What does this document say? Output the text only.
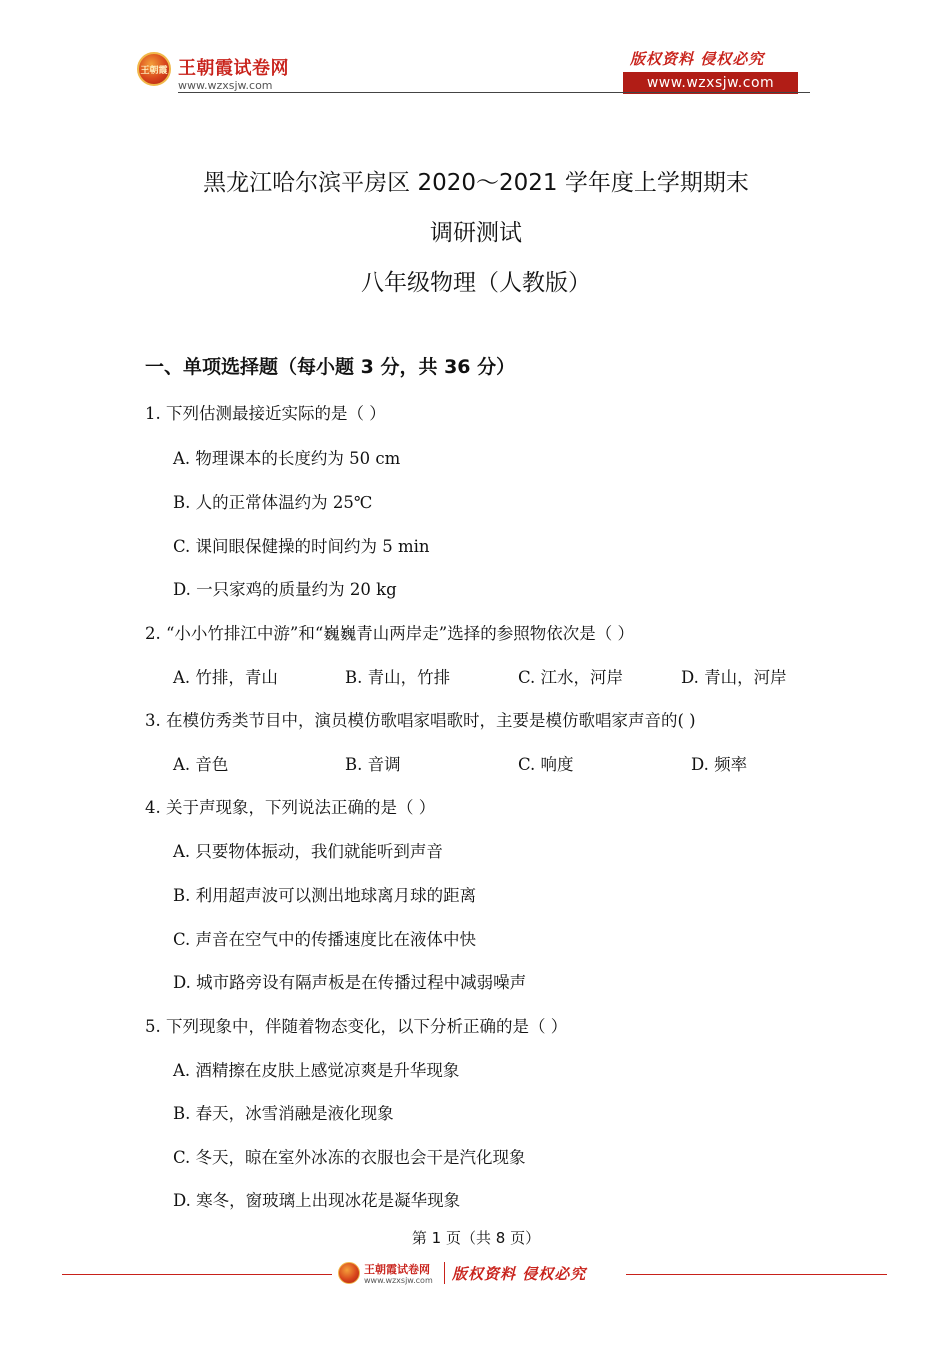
王朝霞 王朝霞试卷网
www.wzxsjw.com
版权资料 侵权必究
www.wzxsjw.com
黑龙江哈尔滨平房区 2020～2021 学年度上学期期末
调研测试
八年级物理（人教版）
一、单项选择题（每小题 3 分，共 36 分）
1. 下列估测最接近实际的是（ ）
A. 物理课本的长度约为 50 cm
B. 人的正常体温约为 25℃
C. 课间眼保健操的时间约为 5 min
D. 一只家鸡的质量约为 20 kg
2. “小小竹排江中游”和“巍巍青山两岸走”选择的参照物依次是（ ）
A. 竹排，青山	B. 青山，竹排	C. 江水，河岸	D. 青山，河岸
3. 在模仿秀类节目中，演员模仿歌唱家唱歌时，主要是模仿歌唱家声音的( )
A. 音色	B. 音调	C. 响度	D. 频率
4. 关于声现象，下列说法正确的是（ ）
A. 只要物体振动，我们就能听到声音
B. 利用超声波可以测出地球离月球的距离
C. 声音在空气中的传播速度比在液体中快
D. 城市路旁设有隔声板是在传播过程中减弱噪声
5. 下列现象中，伴随着物态变化，以下分析正确的是（ ）
A. 酒精擦在皮肤上感觉凉爽是升华现象
B. 春天，冰雪消融是液化现象
C. 冬天，晾在室外冰冻的衣服也会干是汽化现象
D. 寒冬，窗玻璃上出现冰花是凝华现象
第 1 页（共 8 页）
王朝霞试卷网
www.wzxsjw.com 版权资料 侵权必究
